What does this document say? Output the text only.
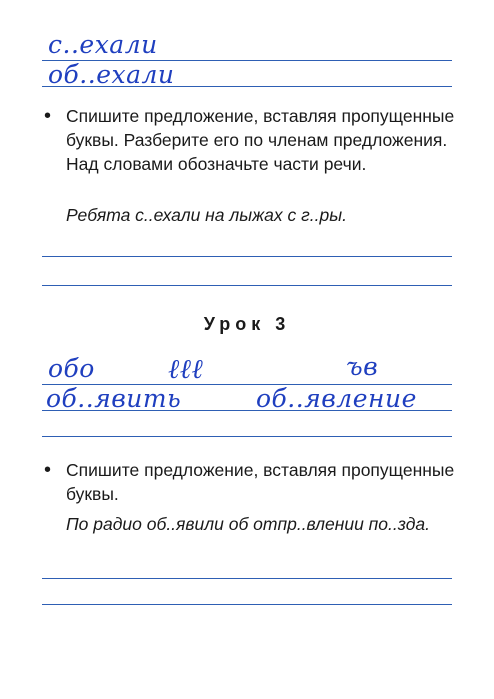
с..ехали
об..ехали
• Спишите предложение, вставляя пропущенные буквы. Разберите его по членам предложения. Над словами обозначьте части речи.
Ребята с..ехали на лыжах с г..ры.
Урок 3
обо	ℓℓℓ	ъв
об..явить	об..явление
• Спишите предложение, вставляя пропущенные буквы.
По радио об..явили об отпр..влении по..зда.
